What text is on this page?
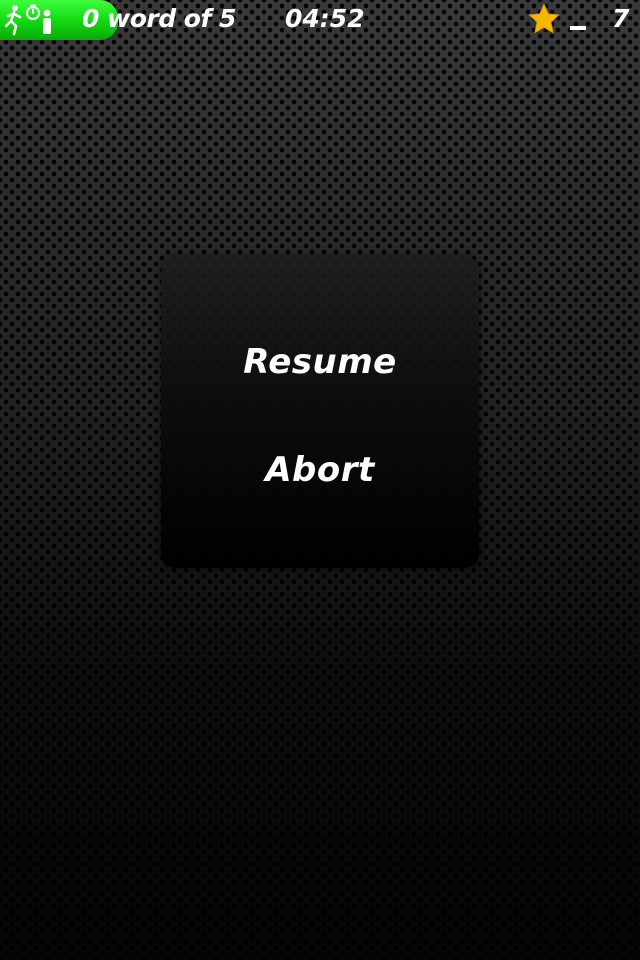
0 word of 5 04:52	7
Resume
Abort
